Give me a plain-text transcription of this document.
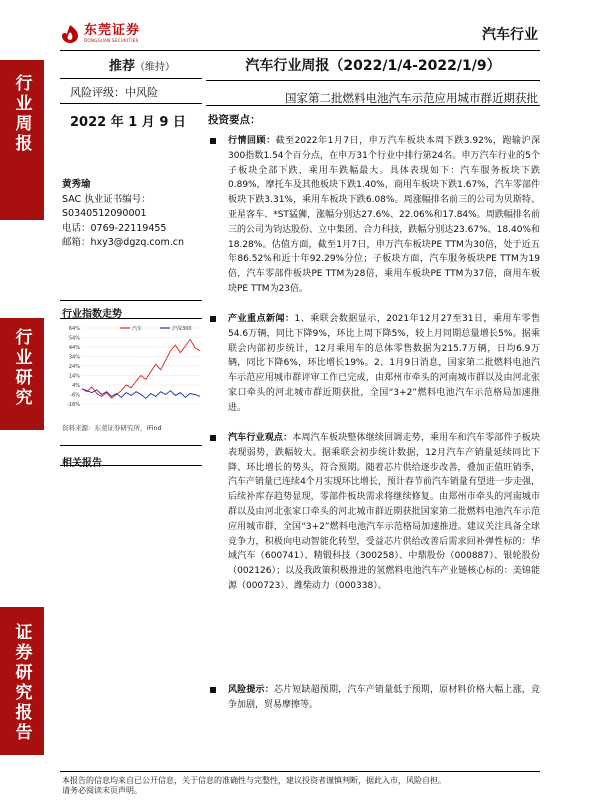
东莞证券
DONGGUAN SECURITIES	汽车行业
行业周报
行业研究
证券研究报告
推荐（维持）
风险评级：中风险
2022 年 1 月 9 日
黄秀瑜
SAC 执业证书编号：
S0340512090001
电话：0769-22119455
邮箱：hxy3@dgzq.com.cn
行业指数走势
64%
54%
44%
34%
24%
14%
4%
-6%
-16%
汽车	沪深300
资料来源：东莞证券研究所，iFind
相关报告
汽车行业周报（2022/1/4-2022/1/9）
国家第二批燃料电池汽车示范应用城市群近期获批
投资要点：

行情回顾：截至2022年1月7日，申万汽车板块本周下跌3.92%，跑输沪深300指数1.54个百分点，在申万31个行业中排行第24名。申万汽车行业的5个子板块全部下跌，乘用车跌幅最大。具体表现如下：汽车服务板块下跌0.89%，摩托车及其他板块下跌1.40%，商用车板块下跌1.67%，汽车零部件板块下跌3.31%，乘用车板块下跌6.08%。周涨幅排名前三的公司为贝斯特、亚星客车、*ST猛狮，涨幅分别达27.6%、22.06%和17.84%。周跌幅排名前三的公司为钧达股份、立中集团、合力科技，跌幅分别达23.67%、18.40%和18.28%。估值方面，截至1月7日，申万汽车板块PE TTM为30倍，处于近五年86.52%和近十年92.29%分位；子板块方面，汽车服务板块PE TTM为19倍，汽车零部件板块PE TTM为28倍，乘用车板块PE TTM为37倍，商用车板块PE TTM为23倍。

产业重点新闻：1、乘联会数据显示，2021年12月27至31日，乘用车零售54.6万辆，同比下降9%，环比上周下降5%，较上月同期总量增长5%。据乘联会内部初步统计，12月乘用车的总体零售数据为215.7万辆，日均6.9万辆，同比下降6%，环比增长19%。2、1月9日消息，国家第二批燃料电池汽车示范应用城市群评审工作已完成，由郑州市牵头的河南城市群以及由河北张家口牵头的河北城市群近期获批，全国“3+2”燃料电池汽车示范格局加速推进。

汽车行业观点：本周汽车板块整体继续回调走势，乘用车和汽车零部件子板块表现弱势，跌幅较大。据乘联会初步统计数据，12月汽车产销量延续同比下降、环比增长的势头，符合预期。随着芯片供给逐步改善，叠加正值旺销季，汽车产销量已连续4个月实现环比增长，预计春节前汽车销量有望进一步走强，后续补库存趋势显现，零部件板块需求将继续修复。由郑州市牵头的河南城市群以及由河北张家口牵头的河北城市群近期获批国家第二批燃料电池汽车示范应用城市群，全国“3+2”燃料电池汽车示范格局加速推进。建议关注具备全球竞争力，积极向电动智能化转型，受益芯片供给改善后需求回补弹性标的：华域汽车（600741）、精锻科技（300258）、中鼎股份（000887）、银轮股份（002126）；以及我政策积极推进的氢燃料电池汽车产业链核心标的：美锦能源（000723）、潍柴动力（000338）。

风险提示：芯片短缺超预期，汽车产销量低于预期，原材料价格大幅上涨，竞争加剧，贸易摩擦等。

本报告的信息均来自已公开信息，关于信息的准确性与完整性，建议投资者谨慎判断，据此入市，风险自担。
请务必阅读末页声明。
